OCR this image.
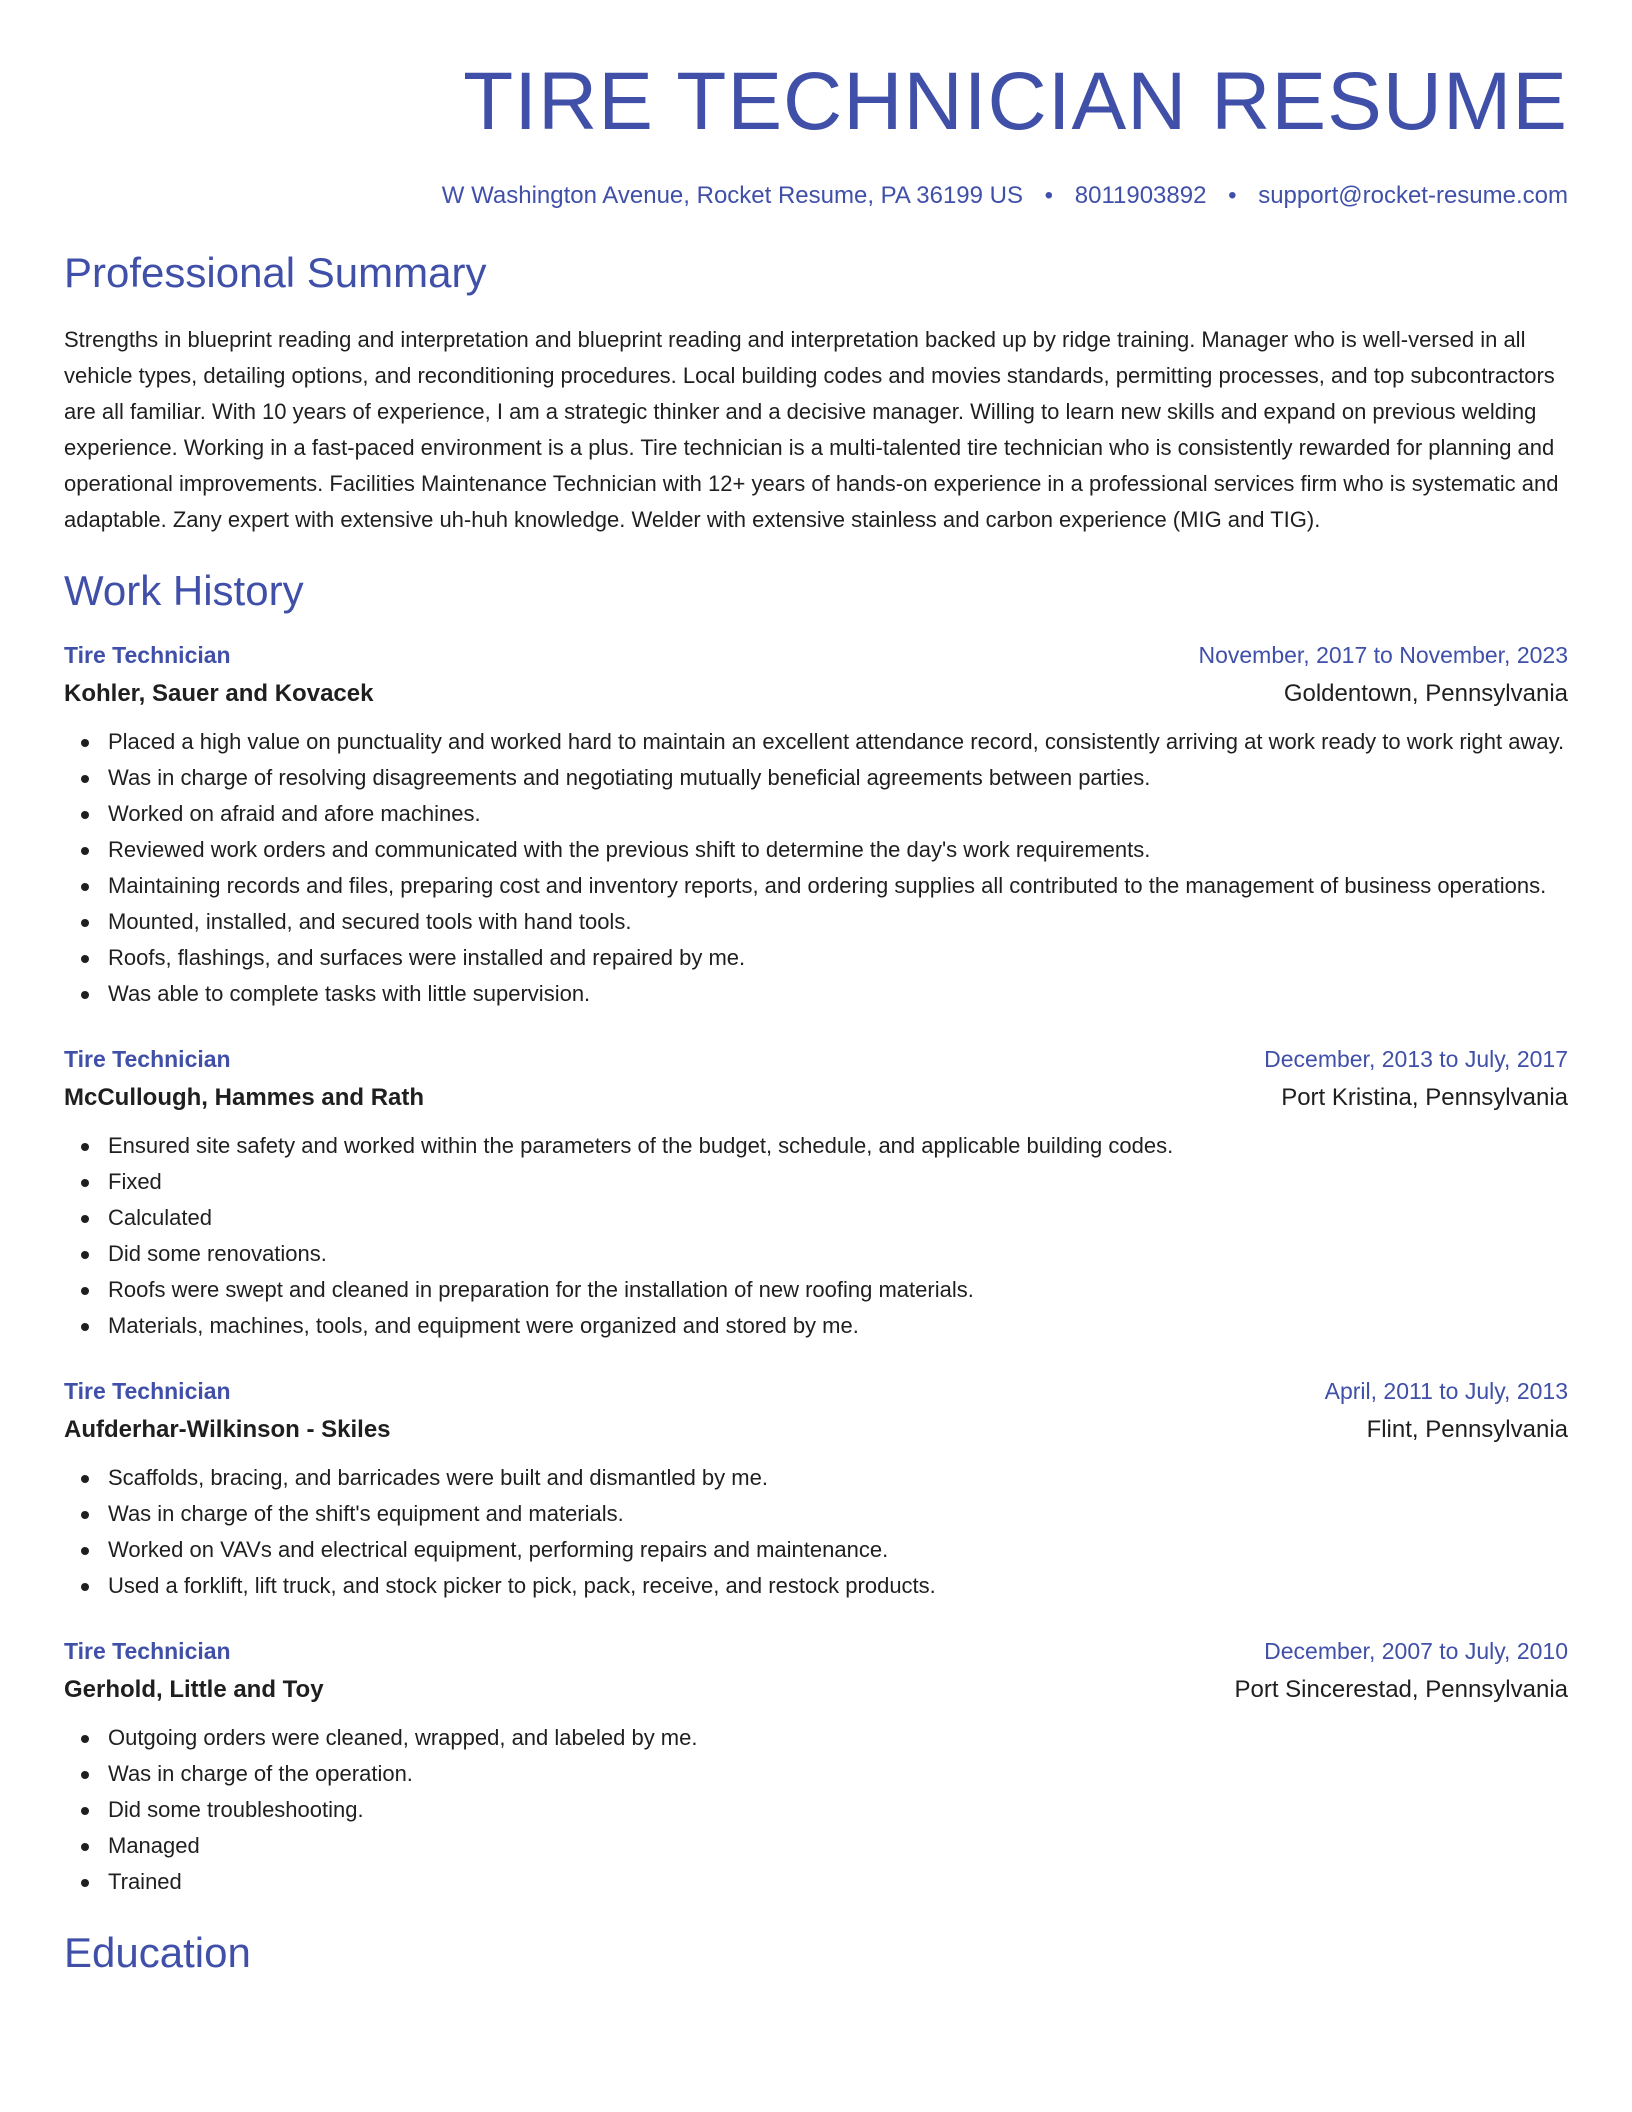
TIRE TECHNICIAN RESUME
W Washington Avenue, Rocket Resume, PA 36199 US • 8011903892 • support@rocket-resume.com
Professional Summary

Strengths in blueprint reading and interpretation and blueprint reading and interpretation backed up by ridge training. Manager who is well-versed in all vehicle types, detailing options, and reconditioning procedures. Local building codes and movies standards, permitting processes, and top subcontractors are all familiar. With 10 years of experience, I am a strategic thinker and a decisive manager. Willing to learn new skills and expand on previous welding experience. Working in a fast-paced environment is a plus. Tire technician is a multi-talented tire technician who is consistently rewarded for planning and operational improvements. Facilities Maintenance Technician with 12+ years of hands-on experience in a professional services firm who is systematic and adaptable. Zany expert with extensive uh-huh knowledge. Welder with extensive stainless and carbon experience (MIG and TIG).

Work History
Tire Technician	November, 2017 to November, 2023
Kohler, Sauer and Kovacek	Goldentown, Pennsylvania
Placed a high value on punctuality and worked hard to maintain an excellent attendance record, consistently arriving at work ready to work right away.
Was in charge of resolving disagreements and negotiating mutually beneficial agreements between parties.
Worked on afraid and afore machines.
Reviewed work orders and communicated with the previous shift to determine the day's work requirements.
Maintaining records and files, preparing cost and inventory reports, and ordering supplies all contributed to the management of business operations.
Mounted, installed, and secured tools with hand tools.
Roofs, flashings, and surfaces were installed and repaired by me.
Was able to complete tasks with little supervision.
Tire Technician	December, 2013 to July, 2017
McCullough, Hammes and Rath	Port Kristina, Pennsylvania
Ensured site safety and worked within the parameters of the budget, schedule, and applicable building codes.
Fixed
Calculated
Did some renovations.
Roofs were swept and cleaned in preparation for the installation of new roofing materials.
Materials, machines, tools, and equipment were organized and stored by me.
Tire Technician	April, 2011 to July, 2013
Aufderhar-Wilkinson - Skiles	Flint, Pennsylvania
Scaffolds, bracing, and barricades were built and dismantled by me.
Was in charge of the shift's equipment and materials.
Worked on VAVs and electrical equipment, performing repairs and maintenance.
Used a forklift, lift truck, and stock picker to pick, pack, receive, and restock products.
Tire Technician	December, 2007 to July, 2010
Gerhold, Little and Toy	Port Sincerestad, Pennsylvania
Outgoing orders were cleaned, wrapped, and labeled by me.
Was in charge of the operation.
Did some troubleshooting.
Managed
Trained
Education
